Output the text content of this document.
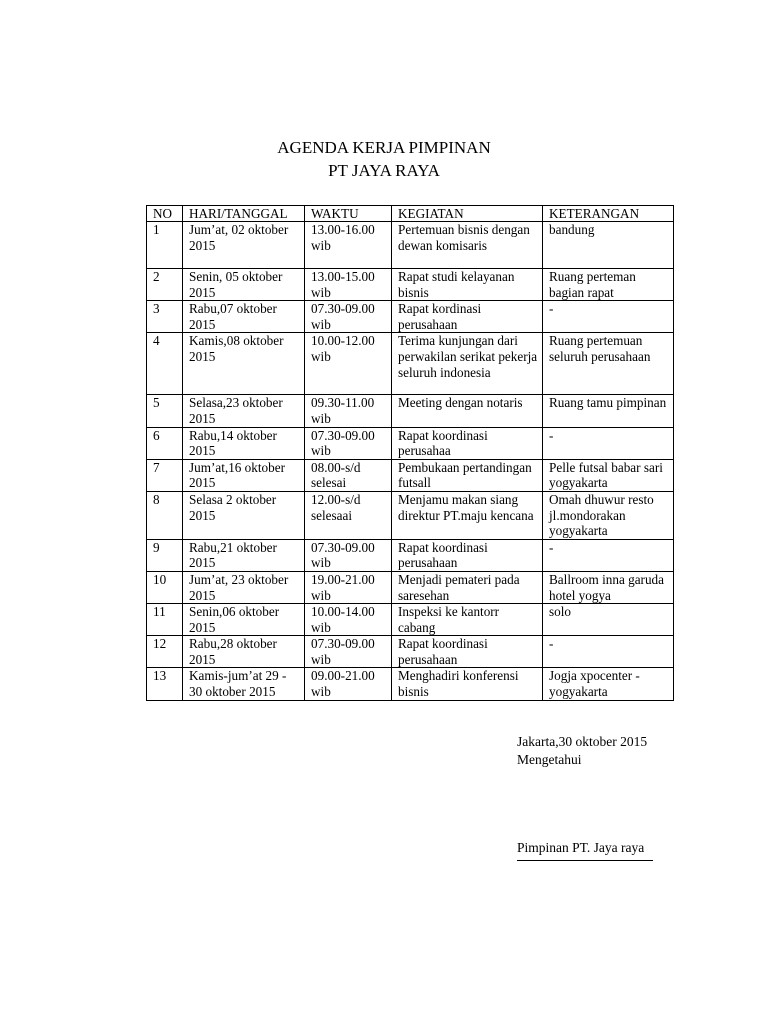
AGENDA KERJA PIMPINAN
PT JAYA RAYA
NO	HARI/TANGGAL	WAKTU	KEGIATAN	KETERANGAN
1	Jum’at, 02 oktober 2015	13.00-16.00 wib	Pertemuan bisnis dengan dewan komisaris	bandung
2	Senin, 05 oktober 2015	13.00-15.00 wib	Rapat studi kelayanan bisnis	Ruang perteman bagian rapat
3	Rabu,07 oktober 2015	07.30-09.00 wib	Rapat kordinasi perusahaan	-
4	Kamis,08 oktober 2015	10.00-12.00 wib	Terima kunjungan dari perwakilan serikat pekerja seluruh indonesia	Ruang pertemuan seluruh perusahaan
5	Selasa,23 oktober 2015	09.30-11.00 wib	Meeting dengan notaris	Ruang tamu pimpinan
6	Rabu,14 oktober 2015	07.30-09.00 wib	Rapat koordinasi perusahaa	-
7	Jum’at,16 oktober 2015	08.00-s/d selesai	Pembukaan pertandingan futsall	Pelle futsal babar sari yogyakarta
8	Selasa 2 oktober 2015	12.00-s/d selesaai	Menjamu makan siang direktur PT.maju kencana	Omah dhuwur resto jl.mondorakan yogyakarta
9	Rabu,21 oktober 2015	07.30-09.00 wib	Rapat koordinasi perusahaan	-
10	Jum’at, 23 oktober 2015	19.00-21.00 wib	Menjadi pemateri pada saresehan	Ballroom inna garuda hotel yogya
11	Senin,06 oktober 2015	10.00-14.00 wib	Inspeksi ke kantorr cabang	solo
12	Rabu,28 oktober 2015	07.30-09.00 wib	Rapat koordinasi perusahaan	-
13	Kamis-jum’at 29 - 30 oktober 2015	09.00-21.00 wib	Menghadiri konferensi bisnis	Jogja xpocenter - yogyakarta
Jakarta,30 oktober 2015
Mengetahui
Pimpinan PT. Jaya raya
